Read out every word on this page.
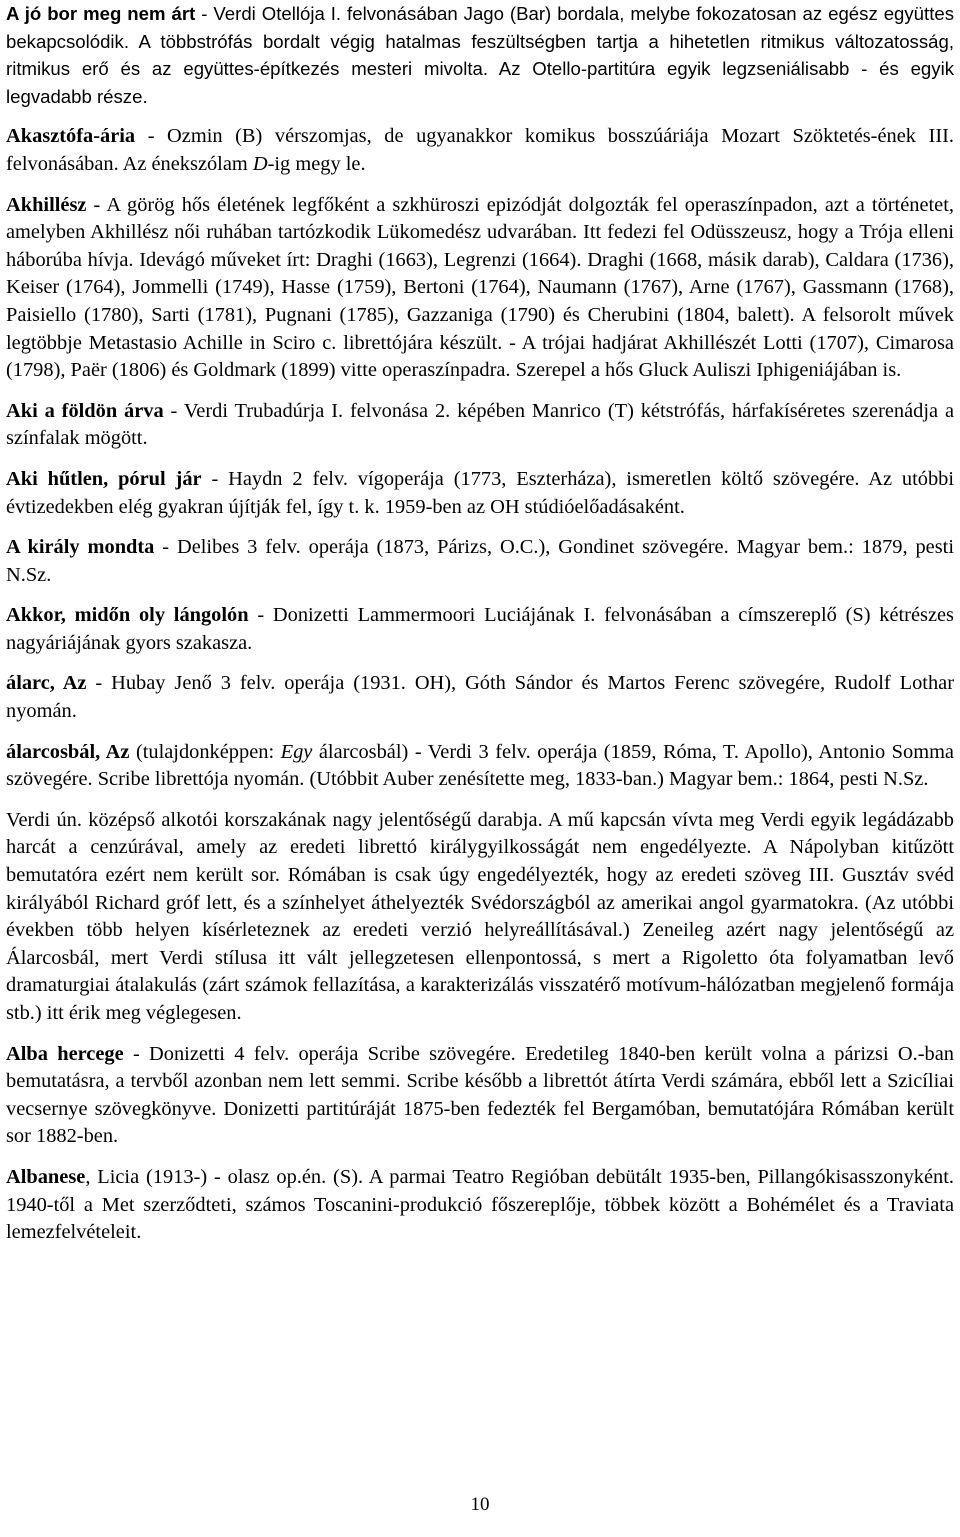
A jó bor meg nem árt - Verdi Otellója I. felvonásában Jago (Bar) bordala, melybe fokozatosan az egész együttes bekapcsolódik. A többstrófás bordalt végig hatalmas feszültségben tartja a hihetetlen ritmikus változatosság, ritmikus erő és az együttes-építkezés mesteri mivolta. Az Otello-partitúra egyik legzseniálisabb - és egyik legvadabb része.

Akasztófa-ária - Ozmin (B) vérszomjas, de ugyanakkor komikus bosszúáriája Mozart Szöktetés-ének III. felvonásában. Az énekszólam D-ig megy le.

Akhillész - A görög hős életének legfőként a szkhüroszi epizódját dolgozták fel operaszínpadon, azt a történetet, amelyben Akhillész női ruhában tartózkodik Lükomedész udvarában. Itt fedezi fel Odüsszeusz, hogy a Trója elleni háborúba hívja. Idevágó műveket írt: Draghi (1663), Legrenzi (1664). Draghi (1668, másik darab), Caldara (1736), Keiser (1764), Jommelli (1749), Hasse (1759), Bertoni (1764), Naumann (1767), Arne (1767), Gassmann (1768), Paisiello (1780), Sarti (1781), Pugnani (1785), Gazzaniga (1790) és Cherubini (1804, balett). A felsorolt művek legtöbbje Metastasio Achille in Sciro c. librettójára készült. - A trójai hadjárat Akhillészét Lotti (1707), Cimarosa (1798), Paër (1806) és Goldmark (1899) vitte operaszínpadra. Szerepel a hős Gluck Auliszi Iphigeniájában is.

Aki a földön árva - Verdi Trubadúrja I. felvonása 2. képében Manrico (T) kétstrófás, hárfakíséretes szerenádja a színfalak mögött.

Aki hűtlen, pórul jár - Haydn 2 felv. vígoperája (1773, Eszterháza), ismeretlen költő szövegére. Az utóbbi évtizedekben elég gyakran újítják fel, így t. k. 1959-ben az OH stúdióelőadásaként.

A király mondta - Delibes 3 felv. operája (1873, Párizs, O.C.), Gondinet szövegére. Magyar bem.: 1879, pesti N.Sz.

Akkor, midőn oly lángolón - Donizetti Lammermoori Luciájának I. felvonásában a címszereplő (S) kétrészes nagyáriájának gyors szakasza.

álarc, Az - Hubay Jenő 3 felv. operája (1931. OH), Góth Sándor és Martos Ferenc szövegére, Rudolf Lothar nyomán.

álarcosbál, Az (tulajdonképpen: Egy álarcosbál) - Verdi 3 felv. operája (1859, Róma, T. Apollo), Antonio Somma szövegére. Scribe librettója nyomán. (Utóbbit Auber zenésítette meg, 1833-ban.) Magyar bem.: 1864, pesti N.Sz.

Verdi ún. középső alkotói korszakának nagy jelentőségű darabja. A mű kapcsán vívta meg Verdi egyik legádázabb harcát a cenzúrával, amely az eredeti librettó királygyilkosságát nem engedélyezte. A Nápolyban kitűzött bemutatóra ezért nem került sor. Rómában is csak úgy engedélyezték, hogy az eredeti szöveg III. Gusztáv svéd királyából Richard gróf lett, és a színhelyet áthelyezték Svédországból az amerikai angol gyarmatokra. (Az utóbbi években több helyen kísérleteznek az eredeti verzió helyreállításával.) Zeneileg azért nagy jelentőségű az Álarcosbál, mert Verdi stílusa itt vált jellegzetesen ellenpontossá, s mert a Rigoletto óta folyamatban levő dramaturgiai átalakulás (zárt számok fellazítása, a karakterizálás visszatérő motívum-hálózatban megjelenő formája stb.) itt érik meg véglegesen.

Alba hercege - Donizetti 4 felv. operája Scribe szövegére. Eredetileg 1840-ben került volna a párizsi O.-ban bemutatásra, a tervből azonban nem lett semmi. Scribe később a librettót átírta Verdi számára, ebből lett a Szicíliai vecsernye szövegkönyve. Donizetti partitúráját 1875-ben fedezték fel Bergamóban, bemutatójára Rómában került sor 1882-ben.

Albanese, Licia (1913-) - olasz op.én. (S). A parmai Teatro Regióban debütált 1935-ben, Pillangókisasszonyként. 1940-től a Met szerződteti, számos Toscanini-produkció főszereplője, többek között a Bohémélet és a Traviata lemezfelvételeit.

10
